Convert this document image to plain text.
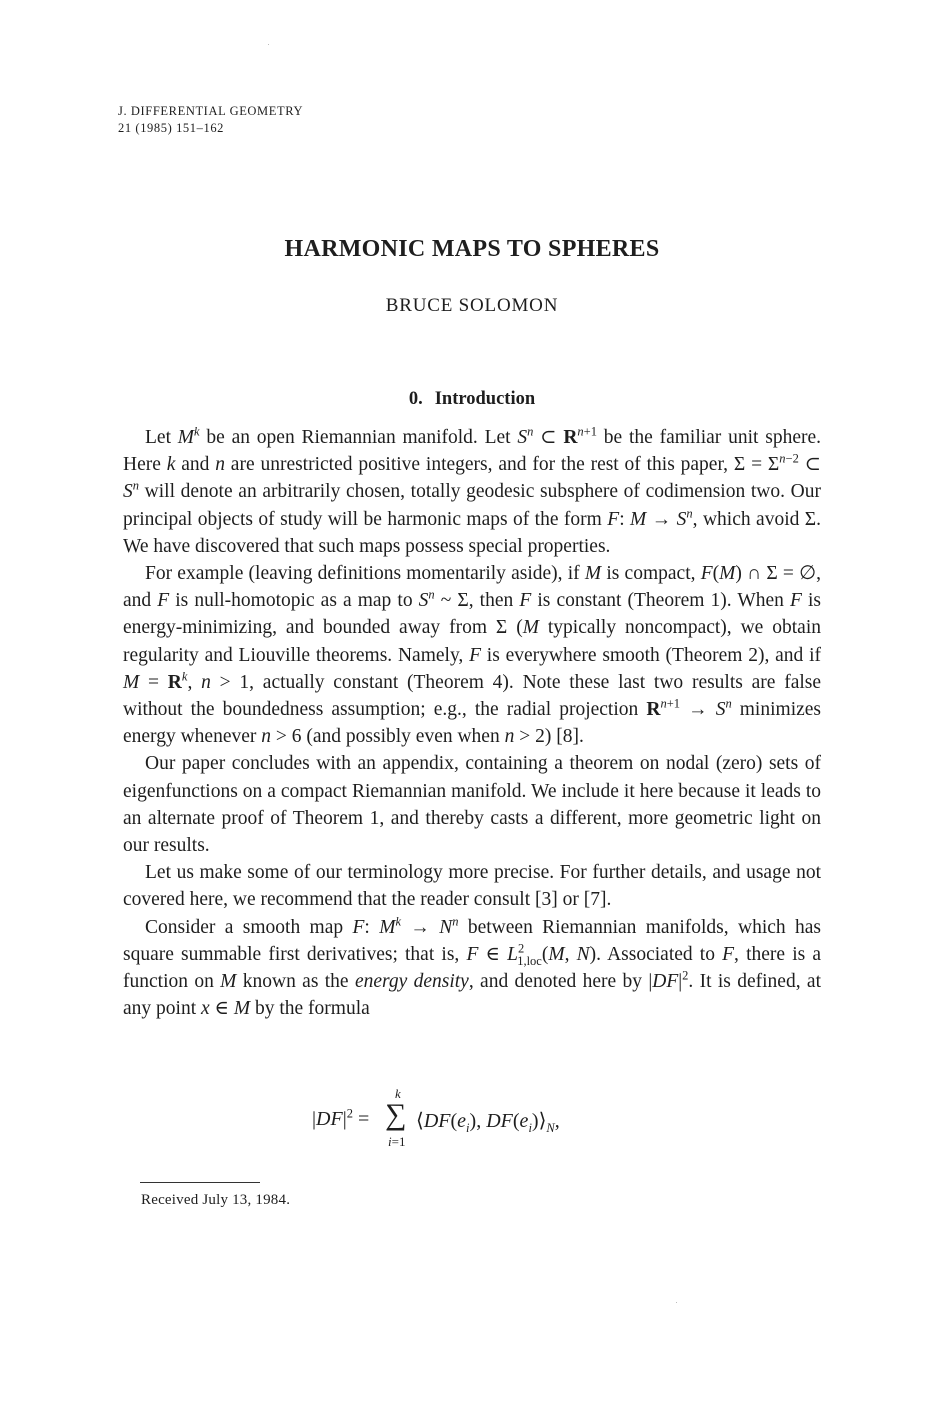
J. DIFFERENTIAL GEOMETRY
21 (1985) 151–162
HARMONIC MAPS TO SPHERES
BRUCE SOLOMON
0. Introduction

Let $M^k$ be an open Riemannian manifold. Let $S^n$ ⊂ $R^{n+1}$ be the familiar unit sphere. Here k and n are unrestricted positive integers, and for the rest of this paper, $\Sigma = \Sigma^{n-2}$ ⊂ $S^n$ will denote an arbitrarily chosen, totally geodesic subsphere of codimension two. Our principal objects of study will be harmonic maps of the form F: $M \to S^n$, which avoid Σ. We have discovered that such maps possess special properties.

For example (leaving definitions momentarily aside), if M is compact, F(M) ∩ Σ = ∅, and F is null-homotopic as a map to $S^n$ ~ Σ, then F is constant (Theorem 1). When F is energy-minimizing, and bounded away from Σ (M typically noncompact), we obtain regularity and Liouville theorems. Namely, F is everywhere smooth (Theorem 2), and if $M = R^k$, n > 1, actually constant (Theorem 4). Note these last two results are false without the boundedness assumption; e.g., the radial projection $R^{n+1} \to S^n$ minimizes energy whenever n > 6 (and possibly even when n > 2) [8].

Our paper concludes with an appendix, containing a theorem on nodal (zero) sets of eigenfunctions on a compact Riemannian manifold. We include it here because it leads to an alternate proof of Theorem 1, and thereby casts a different, more geometric light on our results.

Let us make some of our terminology more precise. For further details, and usage not covered here, we recommend that the reader consult [3] or [7].

Consider a smooth map F: $M^k \to N^n$ between Riemannian manifolds, which has square summable first derivatives; that is, F ∈ $L^2_{1,loc}(M$, N). Associated to F, there is a function on M known as the energy density, and denoted here by $|DF|^2$. It is defined, at any point x ∈ M by the formula

$|DF|^2$ =
k
∑
i=1
$⟨DF(e_i)$, $DF(e_i)⟩_N$,
Received July 13, 1984.
